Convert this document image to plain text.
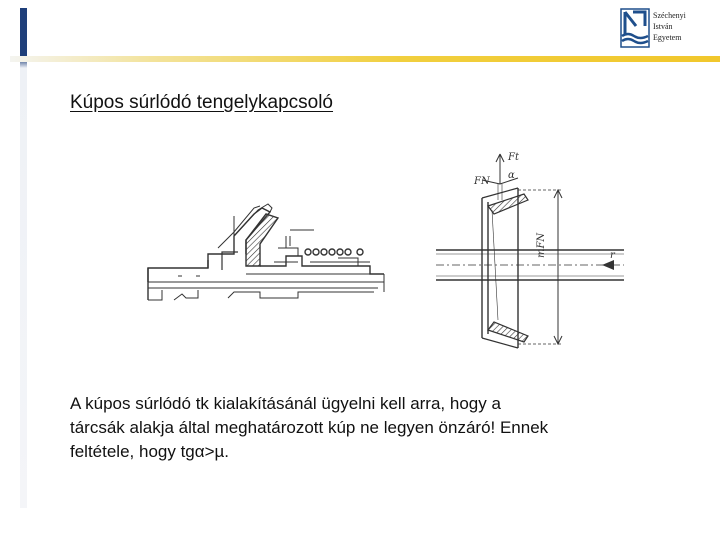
Széchenyi
István
Egyetem
Kúpos súrlódó tengelykapcsoló
Ft
FN
α
mFN	r
A kúpos súrlódó tk kialakításánál ügyelni kell arra, hogy a
tárcsák alakja által meghatározott kúp ne legyen önzáró! Ennek
feltétele, hogy tgα>µ.
